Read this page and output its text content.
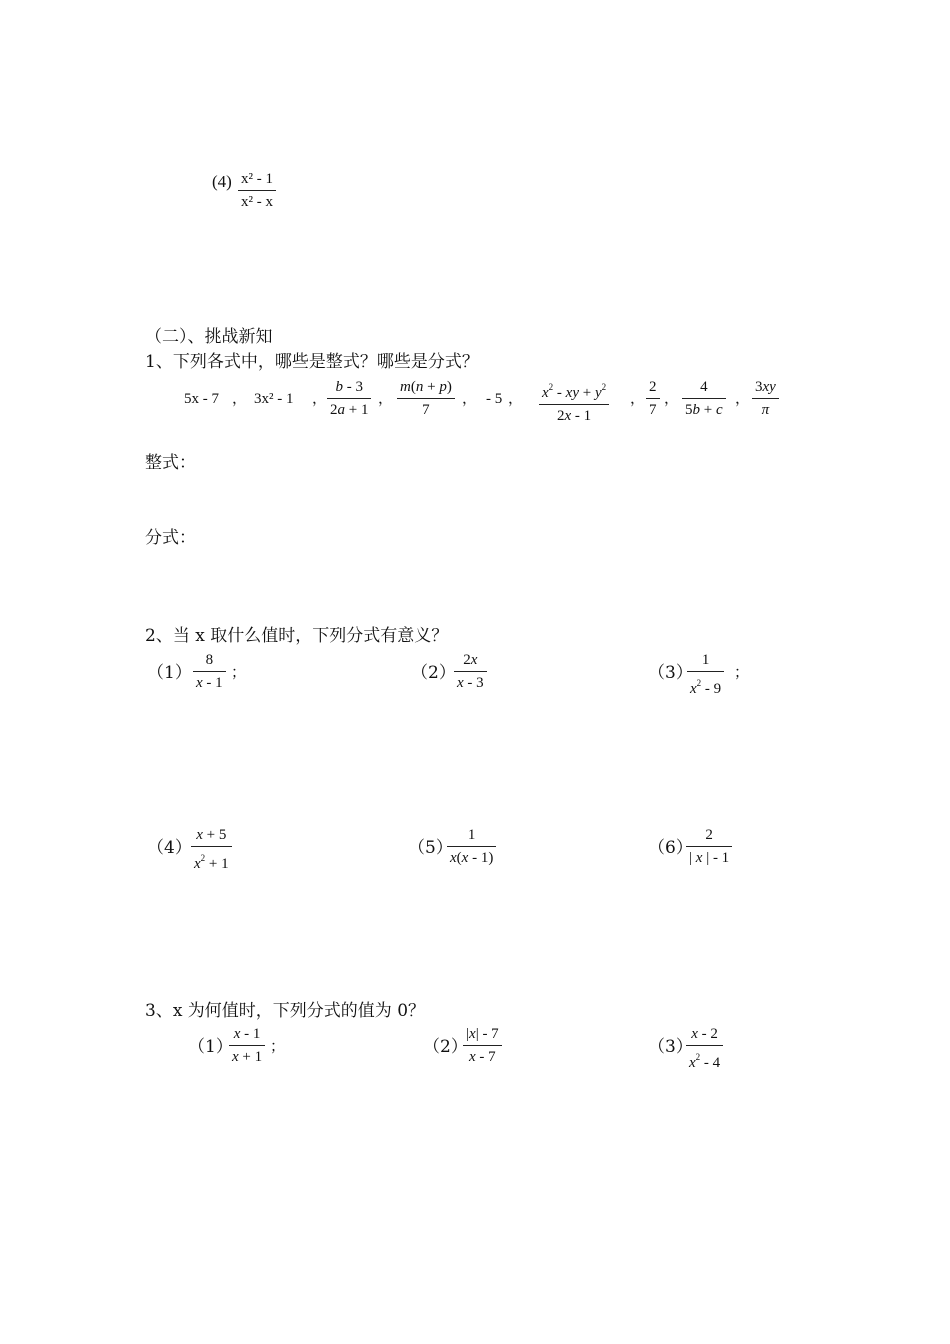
(4) x² - 1
x² - x
（二）、挑战新知
1、下列各式中，哪些是整式？哪些是分式？
5x - 7 ， 3x² - 1 ，
b - 3
2a + 1
，
m(n + p)
7
， - 5 ， $x^2$ - xy + $y^2$
2x - 1
，
2
7
，
4
5b + c
，
3xy
π
整式：
分式：
2、当 x 取什么值时，下列分式有意义？
（1）
8
x - 1
；	（2）
2x
x - 3	（3）
1
$x^2 - 9$
；
（4）
x + 5
$x^2 + 1$
（5）
1
x(x - 1)	（6）
2
| x | - 1
3、x 为何值时，下列分式的值为 0？
（1）
x - 1
x + 1
；	（2）
|x| - 7
x - 7	（3）
x - 2
$x^2 - 4$
